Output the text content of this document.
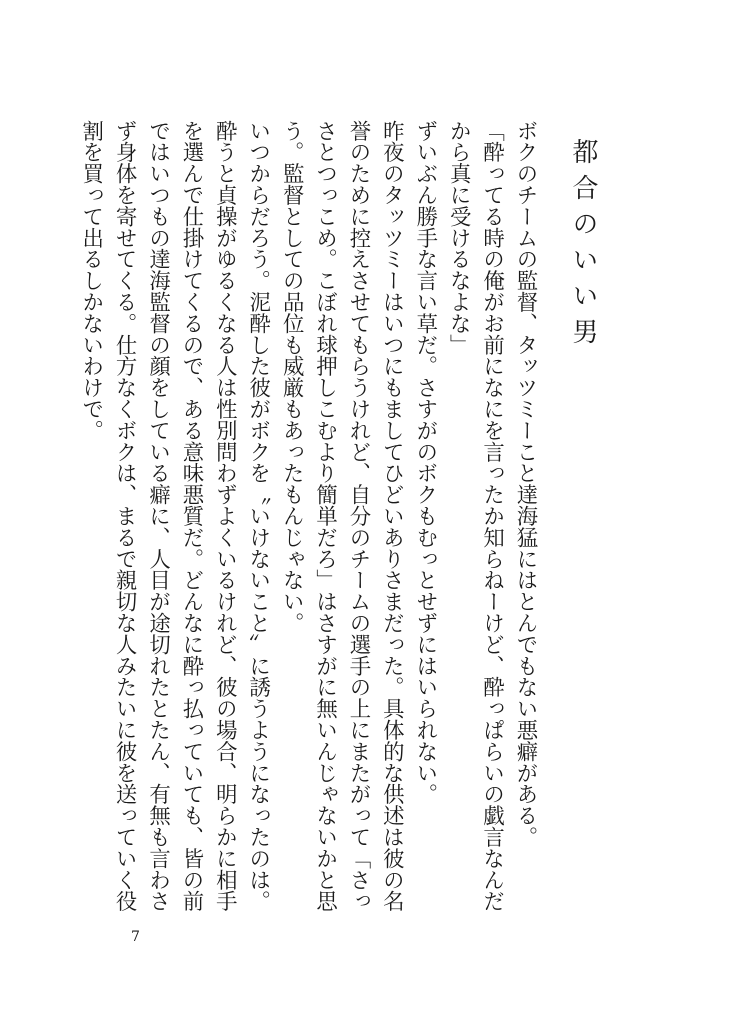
都合のいい男

ボクのチームの監督、タッツミーこと達海猛にはとんでもない悪癖がある。

「酔ってる時の俺がお前になにを言ったか知らねーけど、酔っぱらいの戯言なんだから真に受けるなよな」

ずいぶん勝手な言い草だ。さすがのボクもむっとせずにはいられない。

昨夜のタッツミーはいつにもましてひどいありさまだった。具体的な供述は彼の名誉のために控えさせてもらうけれど、自分のチームの選手の上にまたがって「さっさとつっこめ。こぼれ球押しこむより簡単だろ」はさすがに無いんじゃないかと思う。監督としての品位も威厳もあったもんじゃない。

いつからだろう。泥酔した彼がボクを〝いけないこと〟に誘うようになったのは。酔うと貞操がゆるくなる人は性別問わずよくいるけれど、彼の場合、明らかに相手を選んで仕掛けてくるので、ある意味悪質だ。どんなに酔っ払っていても、皆の前ではいつもの達海監督の顔をしている癖に、人目が途切れたとたん、有無も言わさず身体を寄せてくる。仕方なくボクは、まるで親切な人みたいに彼を送っていく役割を買って出るしかないわけで。

7
